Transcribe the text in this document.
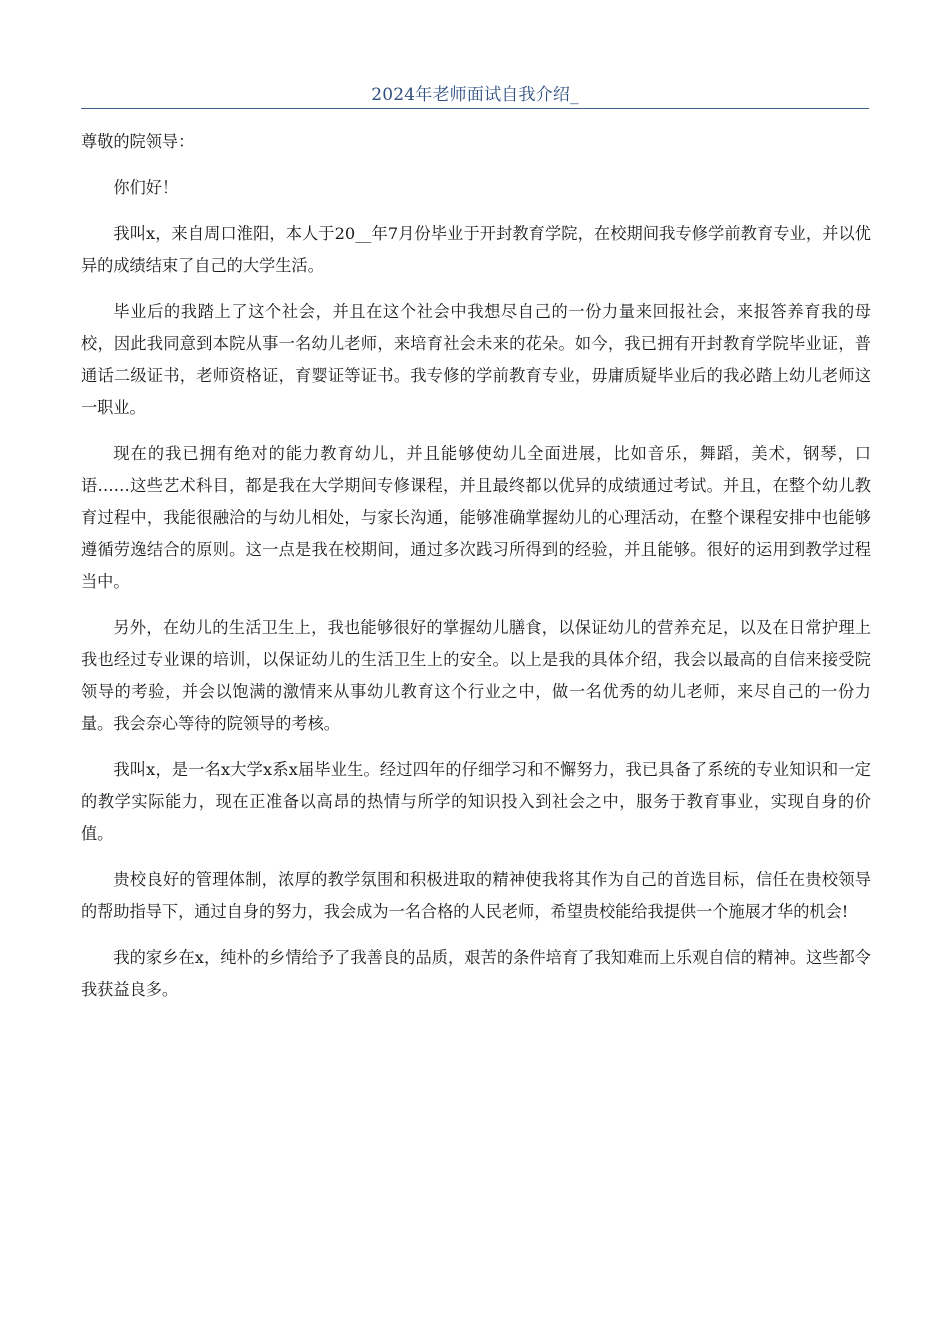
2024年老师面试自我介绍_

尊敬的院领导：

你们好！

我叫x，来自周口淮阳，本人于20__年7月份毕业于开封教育学院，在校期间我专修学前教育专业，并以优异的成绩结束了自己的大学生活。

毕业后的我踏上了这个社会，并且在这个社会中我想尽自己的一份力量来回报社会，来报答养育我的母校，因此我同意到本院从事一名幼儿老师，来培育社会未来的花朵。如今，我已拥有开封教育学院毕业证，普通话二级证书，老师资格证，育婴证等证书。我专修的学前教育专业，毋庸质疑毕业后的我必踏上幼儿老师这一职业。

现在的我已拥有绝对的能力教育幼儿，并且能够使幼儿全面进展，比如音乐，舞蹈，美术，钢琴，口语……这些艺术科目，都是我在大学期间专修课程，并且最终都以优异的成绩通过考试。并且，在整个幼儿教育过程中，我能很融洽的与幼儿相处，与家长沟通，能够准确掌握幼儿的心理活动，在整个课程安排中也能够遵循劳逸结合的原则。这一点是我在校期间，通过多次践习所得到的经验，并且能够。很好的运用到教学过程当中。

另外，在幼儿的生活卫生上，我也能够很好的掌握幼儿膳食，以保证幼儿的营养充足，以及在日常护理上我也经过专业课的培训，以保证幼儿的生活卫生上的安全。以上是我的具体介绍，我会以最高的自信来接受院领导的考验，并会以饱满的激情来从事幼儿教育这个行业之中，做一名优秀的幼儿老师，来尽自己的一份力量。我会奈心等待的院领导的考核。

我叫x，是一名x大学x系x届毕业生。经过四年的仔细学习和不懈努力，我已具备了系统的专业知识和一定的教学实际能力，现在正准备以高昂的热情与所学的知识投入到社会之中，服务于教育事业，实现自身的价值。

贵校良好的管理体制，浓厚的教学氛围和积极进取的精神使我将其作为自己的首选目标，信任在贵校领导的帮助指导下，通过自身的努力，我会成为一名合格的人民老师，希望贵校能给我提供一个施展才华的机会!

我的家乡在x，纯朴的乡情给予了我善良的品质，艰苦的条件培育了我知难而上乐观自信的精神。这些都令我获益良多。
